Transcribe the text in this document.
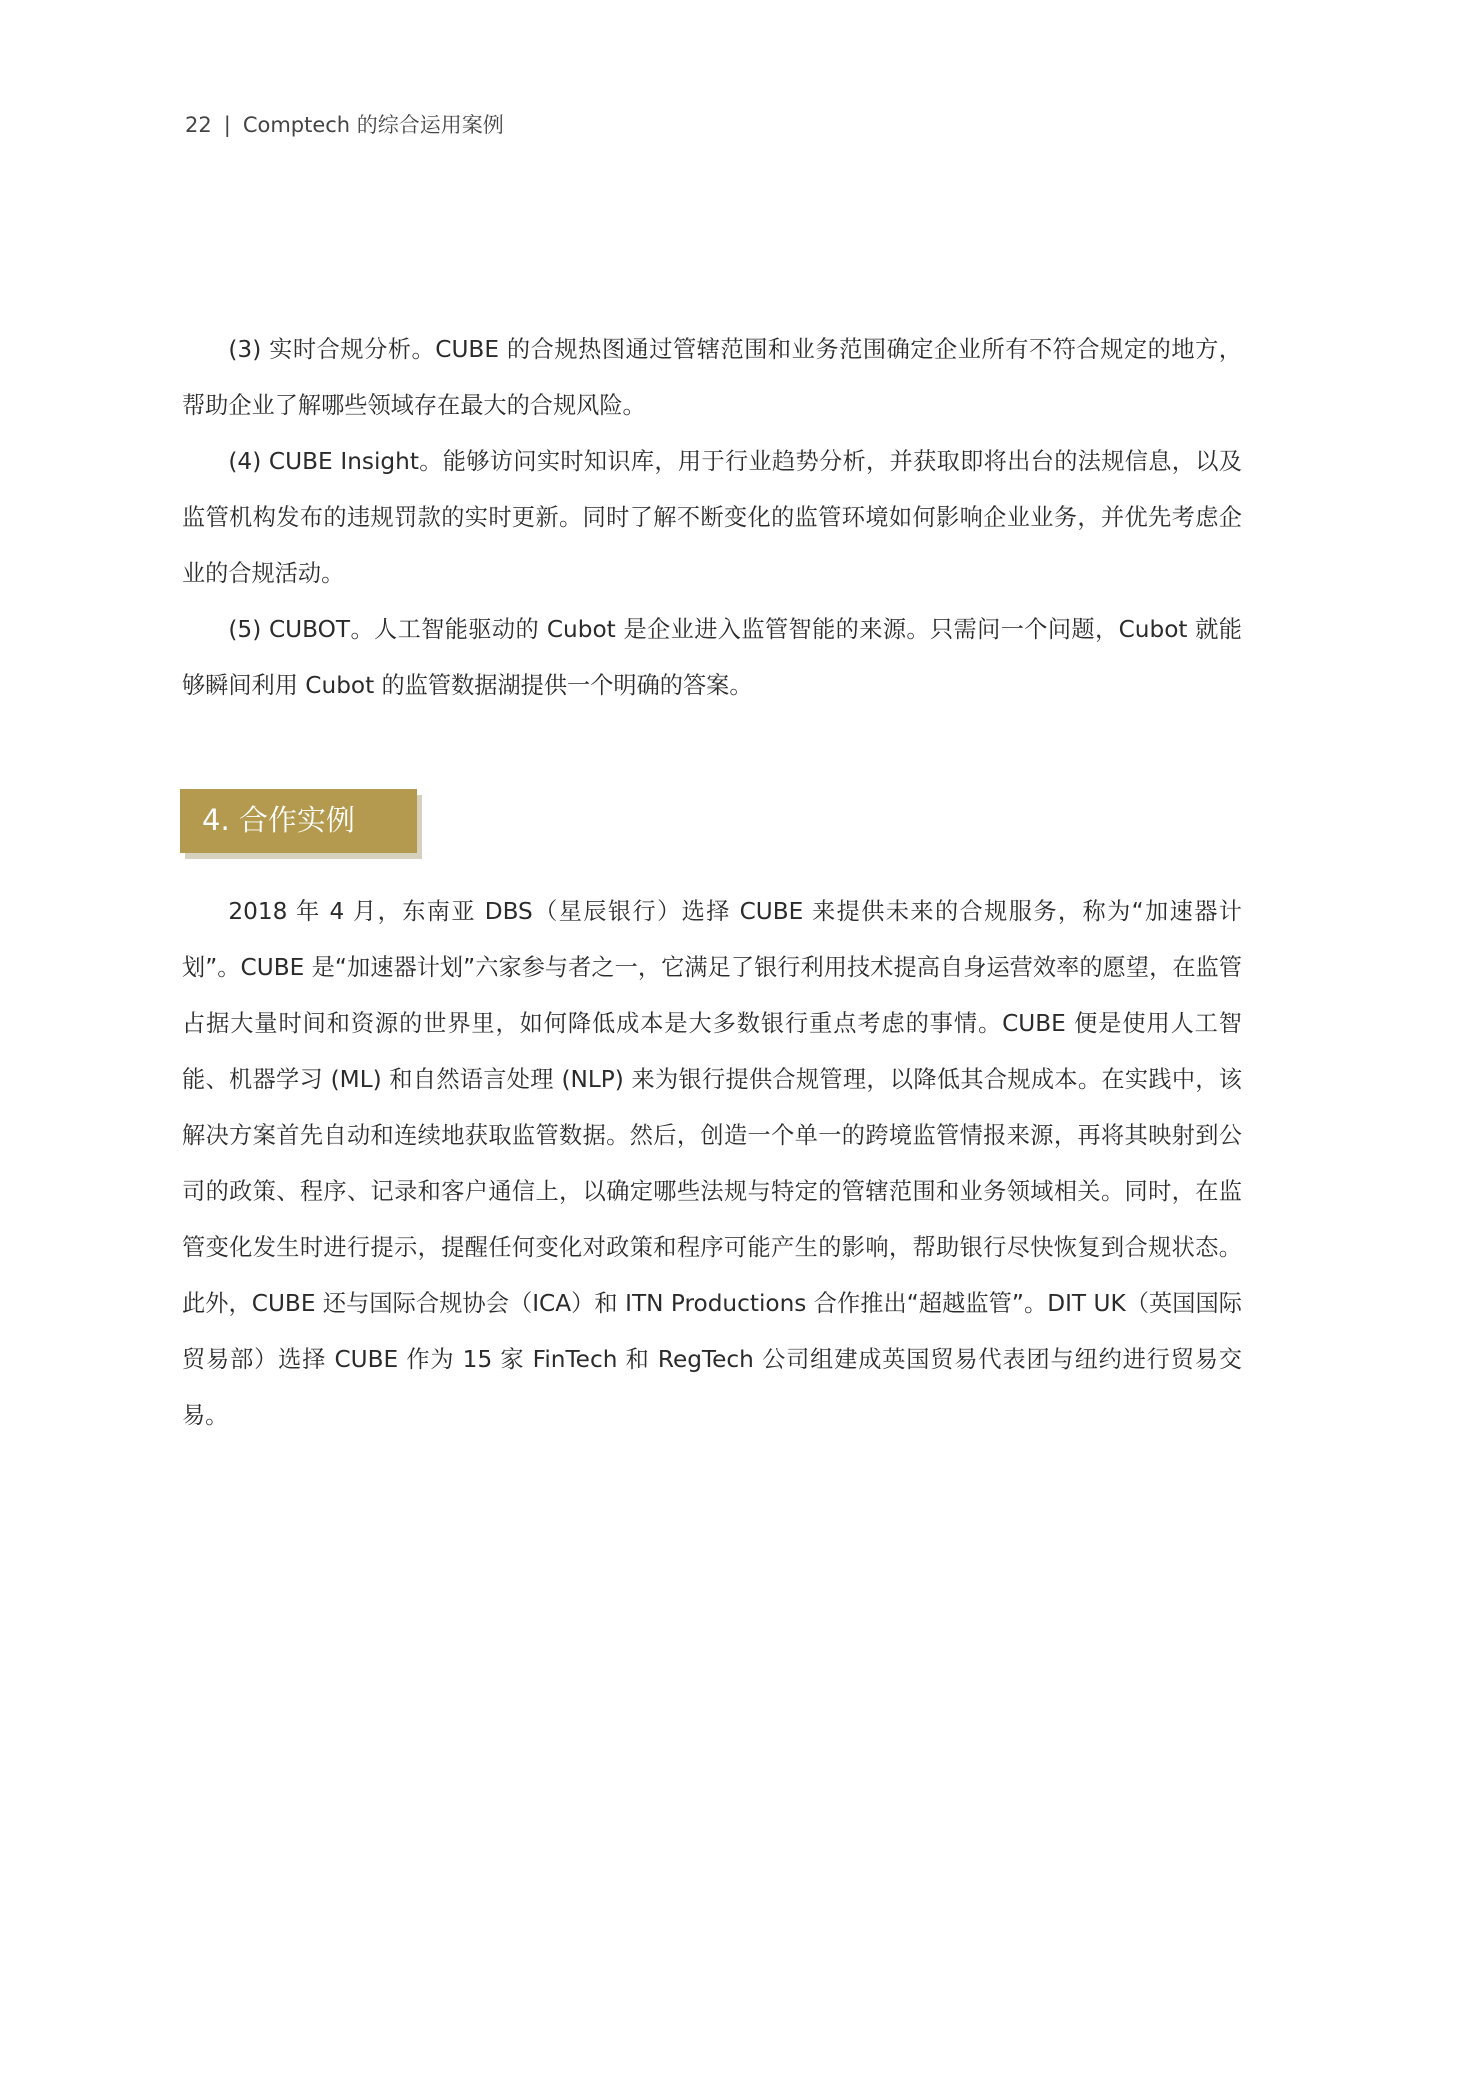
22 | Comptech 的综合运用案例

(3) 实时合规分析。CUBE 的合规热图通过管辖范围和业务范围确定企业所有不符合规定的地方，帮助企业了解哪些领域存在最大的合规风险。

(4) CUBE Insight。能够访问实时知识库，用于行业趋势分析，并获取即将出台的法规信息，以及监管机构发布的违规罚款的实时更新。同时了解不断变化的监管环境如何影响企业业务，并优先考虑企业的合规活动。

(5) CUBOT。人工智能驱动的 Cubot 是企业进入监管智能的来源。只需问一个问题，Cubot 就能够瞬间利用 Cubot 的监管数据湖提供一个明确的答案。

4. 合作实例

2018 年 4 月，东南亚 DBS（星辰银行）选择 CUBE 来提供未来的合规服务，称为“加速器计划”。CUBE 是“加速器计划”六家参与者之一，它满足了银行利用技术提高自身运营效率的愿望，在监管占据大量时间和资源的世界里，如何降低成本是大多数银行重点考虑的事情。CUBE 便是使用人工智能、机器学习 (ML) 和自然语言处理 (NLP) 来为银行提供合规管理，以降低其合规成本。在实践中，该解决方案首先自动和连续地获取监管数据。然后，创造一个单一的跨境监管情报来源，再将其映射到公司的政策、程序、记录和客户通信上，以确定哪些法规与特定的管辖范围和业务领域相关。同时，在监管变化发生时进行提示，提醒任何变化对政策和程序可能产生的影响，帮助银行尽快恢复到合规状态。此外，CUBE 还与国际合规协会（ICA）和 ITN Productions 合作推出“超越监管”。DIT UK（英国国际贸易部）选择 CUBE 作为 15 家 FinTech 和 RegTech 公司组建成英国贸易代表团与纽约进行贸易交易。
